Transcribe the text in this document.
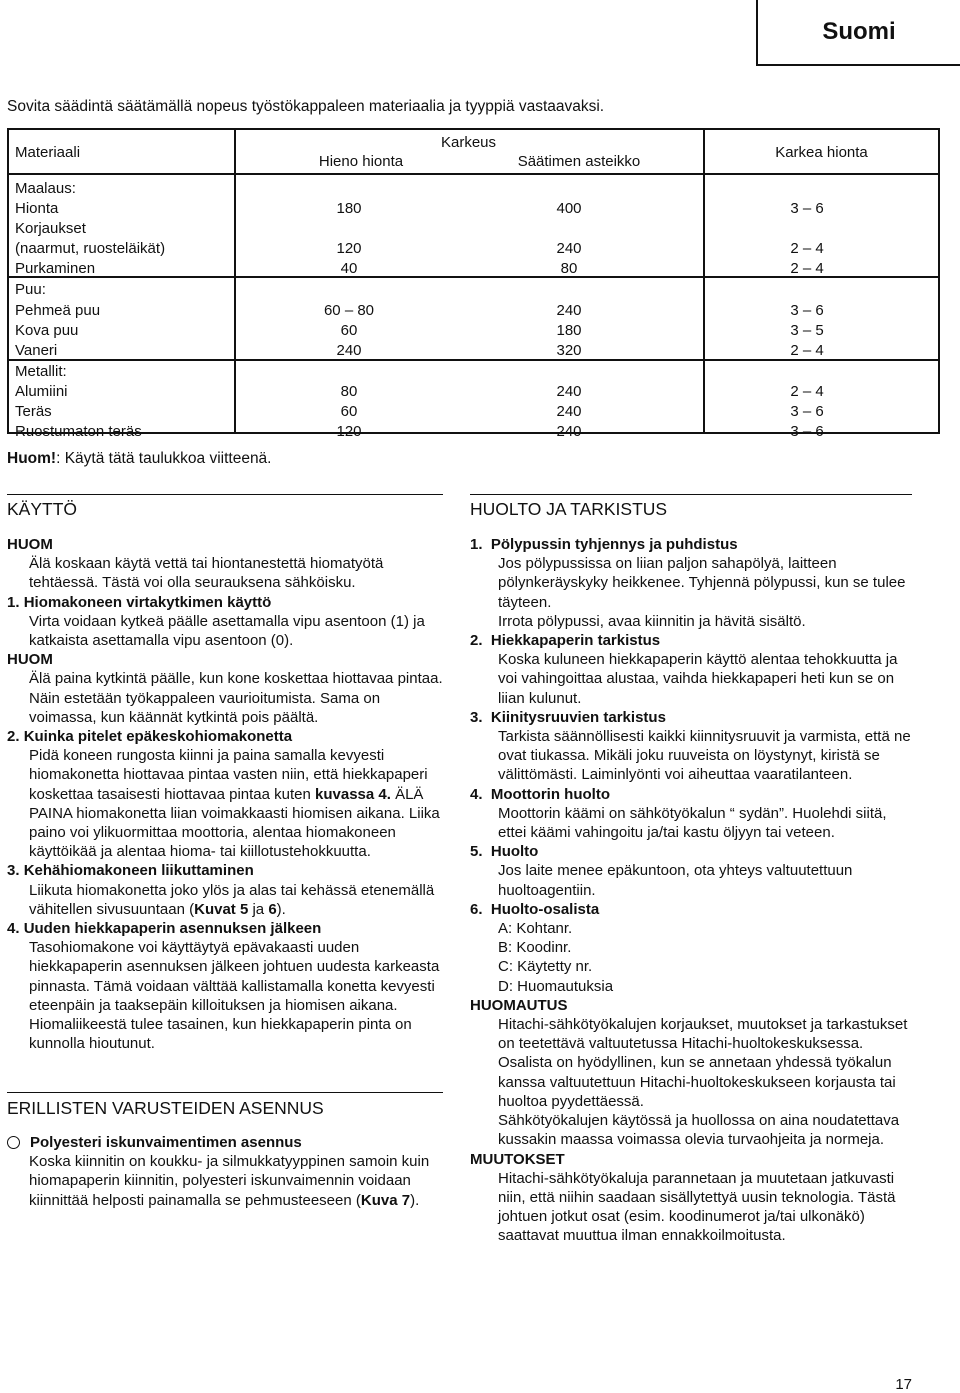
Suomi
Sovita säädintä säätämällä nopeus työstökappaleen materiaalia ja tyyppiä vastaavaksi.
Materiaali
Karkeus
Hieno hionta	Säätimen asteikko
Karkea hionta
Maalaus:
Hionta
Korjaukset
(naarmut, ruosteläikät)
Purkaminen
180
120
40
400
240
80
3 – 6
2 – 4
2 – 4
Puu:
Pehmeä puu
Kova puu
Vaneri
60 – 80
60
240
240
180
320
3 – 6
3 – 5
2 – 4
Metallit:
Alumiini
Teräs
Ruostumaton teräs
80
60
120
240
240
240
2 – 4
3 – 6
3 – 6
Huom!: Käytä tätä taulukkoa viitteenä.
KÄYTTÖ

HUOM

Älä koskaan käytä vettä tai hiontanestettä hiomatyötä tehtäessä. Tästä voi olla seurauksena sähköisku.

1. Hiomakoneen virtakytkimen käyttö

Virta voidaan kytkeä päälle asettamalla vipu asentoon (1) ja katkaista asettamalla vipu asentoon (0).

HUOM

Älä paina kytkintä päälle, kun kone koskettaa hiottavaa pintaa. Näin estetään työkappaleen vaurioitumista. Sama on voimassa, kun käännät kytkintä pois päältä.

2. Kuinka pitelet epäkeskohiomakonetta

Pidä koneen rungosta kiinni ja paina samalla kevyesti hiomakonetta hiottavaa pintaa vasten niin, että hiekkapaperi koskettaa tasaisesti hiottavaa pintaa kuten kuvassa 4. ÄLÄ PAINA hiomakonetta liian voimakkaasti hiomisen aikana. Liika paino voi ylikuormittaa moottoria, alentaa hiomakoneen käyttöikää ja alentaa hioma- tai kiillotustehokkuutta.

3. Kehähiomakoneen liikuttaminen

Liikuta hiomakonetta joko ylös ja alas tai kehässä etenemällä vähitellen sivusuuntaan (Kuvat 5 ja 6).

4. Uuden hiekkapaperin asennuksen jälkeen

Tasohiomakone voi käyttäytyä epävakaasti uuden hiekkapaperin asennuksen jälkeen johtuen uudesta karkeasta pinnasta. Tämä voidaan välttää kallistamalla konetta kevyesti eteenpäin ja taaksepäin killoituksen ja hiomisen aikana. Hiomaliikeestä tulee tasainen, kun hiekkapaperin pinta on kunnolla hioutunut.

ERILLISTEN VARUSTEIDEN ASENNUS

Polyesteri iskunvaimentimen asennus

Koska kiinnitin on koukku- ja silmukkatyyppinen samoin kuin hiomapaperin kiinnitin, polyesteri iskunvaimennin voidaan kiinnittää helposti painamalla se pehmusteeseen (Kuva 7).

HUOLTO JA TARKISTUS

1. Pölypussin tyhjennys ja puhdistus

Jos pölypussissa on liian paljon sahapölyä, laitteen pölynkeräyskyky heikkenee. Tyhjennä pölypussi, kun se tulee täyteen.

Irrota pölypussi, avaa kiinnitin ja hävitä sisältö.

2. Hiekkapaperin tarkistus

Koska kuluneen hiekkapaperin käyttö alentaa tehokkuutta ja voi vahingoittaa alustaa, vaihda hiekkapaperi heti kun se on liian kulunut.

3. Kiinitysruuvien tarkistus

Tarkista säännöllisesti kaikki kiinnitysruuvit ja varmista, että ne ovat tiukassa. Mikäli joku ruuveista on löystynyt, kiristä se välittömästi. Laiminlyönti voi aiheuttaa vaaratilanteen.

4. Moottorin huolto

Moottorin käämi on sähkötyökalun “ sydän”. Huolehdi siitä, ettei käämi vahingoitu ja/tai kastu öljyyn tai veteen.

5. Huolto

Jos laite menee epäkuntoon, ota yhteys valtuutettuun huoltoagentiin.

6. Huolto-osalista

A: Kohtanr.

B: Koodinr.

C: Käytetty nr.

D: Huomautuksia

HUOMAUTUS

Hitachi-sähkötyökalujen korjaukset, muutokset ja tarkastukset on teetettävä valtuutetussa Hitachi-huoltokeskuksessa.

Osalista on hyödyllinen, kun se annetaan yhdessä työkalun kanssa valtuutettuun Hitachi-huoltokeskukseen korjausta tai huoltoa pyydettäessä.

Sähkötyökalujen käytössä ja huollossa on aina noudatettava kussakin maassa voimassa olevia turvaohjeita ja normeja.

MUUTOKSET

Hitachi-sähkötyökaluja parannetaan ja muutetaan jatkuvasti niin, että niihin saadaan sisällytettyä uusin teknologia. Tästä johtuen jotkut osat (esim. koodinumerot ja/tai ulkonäkö) saattavat muuttua ilman ennakkoilmoitusta.

17
